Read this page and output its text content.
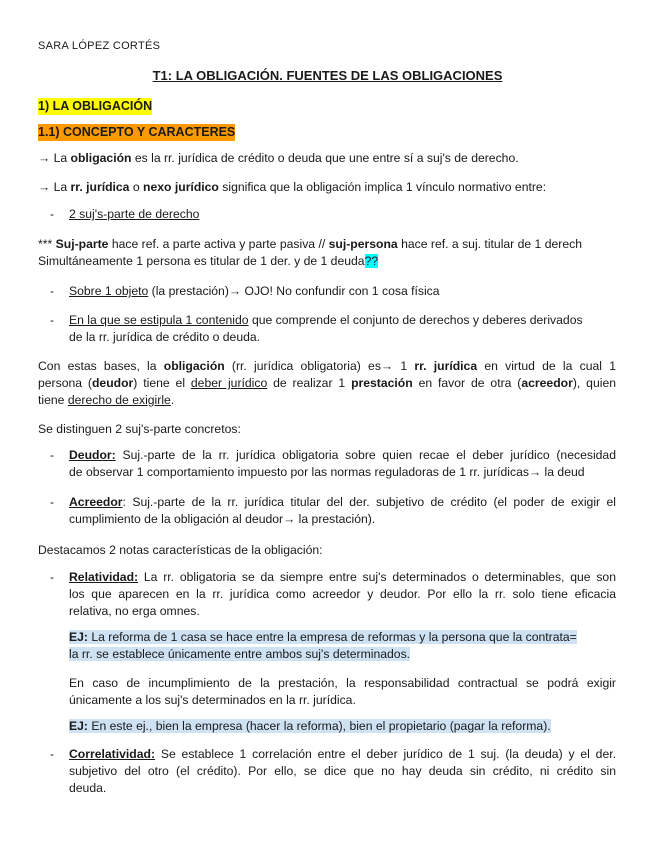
SARA LÓPEZ CORTÉS
T1: LA OBLIGACIÓN. FUENTES DE LAS OBLIGACIONES
1) LA OBLIGACIÓN
1.1) CONCEPTO Y CARACTERES
→ La obligación es la rr. jurídica de crédito o deuda que une entre sí a suj's de derecho.
→ La rr. jurídica o nexo jurídico significa que la obligación implica 1 vínculo normativo entre:
- 2 suj's-parte de derecho
*** Suj-parte hace ref. a parte activa y parte pasiva // suj-persona hace ref. a suj. titular de 1 derech
Simultáneamente 1 persona es titular de 1 der. y de 1 deuda??
- Sobre 1 objeto (la prestación)→ OJO! No confundir con 1 cosa física
- En la que se estipula 1 contenido que comprende el conjunto de derechos y deberes derivados
de la rr. jurídica de crédito o deuda.
Con estas bases, la obligación (rr. jurídica obligatoria) es→ 1 rr. jurídica en virtud de la cual 1
persona (deudor) tiene el deber jurídico de realizar 1 prestación en favor de otra (acreedor), quien
tiene derecho de exigirle.
Se distinguen 2 suj's-parte concretos:
- Deudor: Suj.-parte de la rr. jurídica obligatoria sobre quien recae el deber jurídico (necesidad
de observar 1 comportamiento impuesto por las normas reguladoras de 1 rr. jurídicas→ la deud
- Acreedor: Suj.-parte de la rr. jurídica titular del der. subjetivo de crédito (el poder de exigir el
cumplimiento de la obligación al deudor→ la prestación).
Destacamos 2 notas características de la obligación:
- Relatividad: La rr. obligatoria se da siempre entre suj's determinados o determinables, que son
los que aparecen en la rr. jurídica como acreedor y deudor. Por ello la rr. solo tiene eficacia
relativa, no erga omnes.
EJ: La reforma de 1 casa se hace entre la empresa de reformas y la persona que la contrata=
la rr. se establece únicamente entre ambos suj's determinados.
En caso de incumplimiento de la prestación, la responsabilidad contractual se podrá exigir
únicamente a los suj's determinados en la rr. jurídica.
EJ: En este ej., bien la empresa (hacer la reforma), bien el propietario (pagar la reforma).
- Correlatividad: Se establece 1 correlación entre el deber jurídico de 1 suj. (la deuda) y el der.
subjetivo del otro (el crédito). Por ello, se dice que no hay deuda sin crédito, ni crédito sin
deuda.
